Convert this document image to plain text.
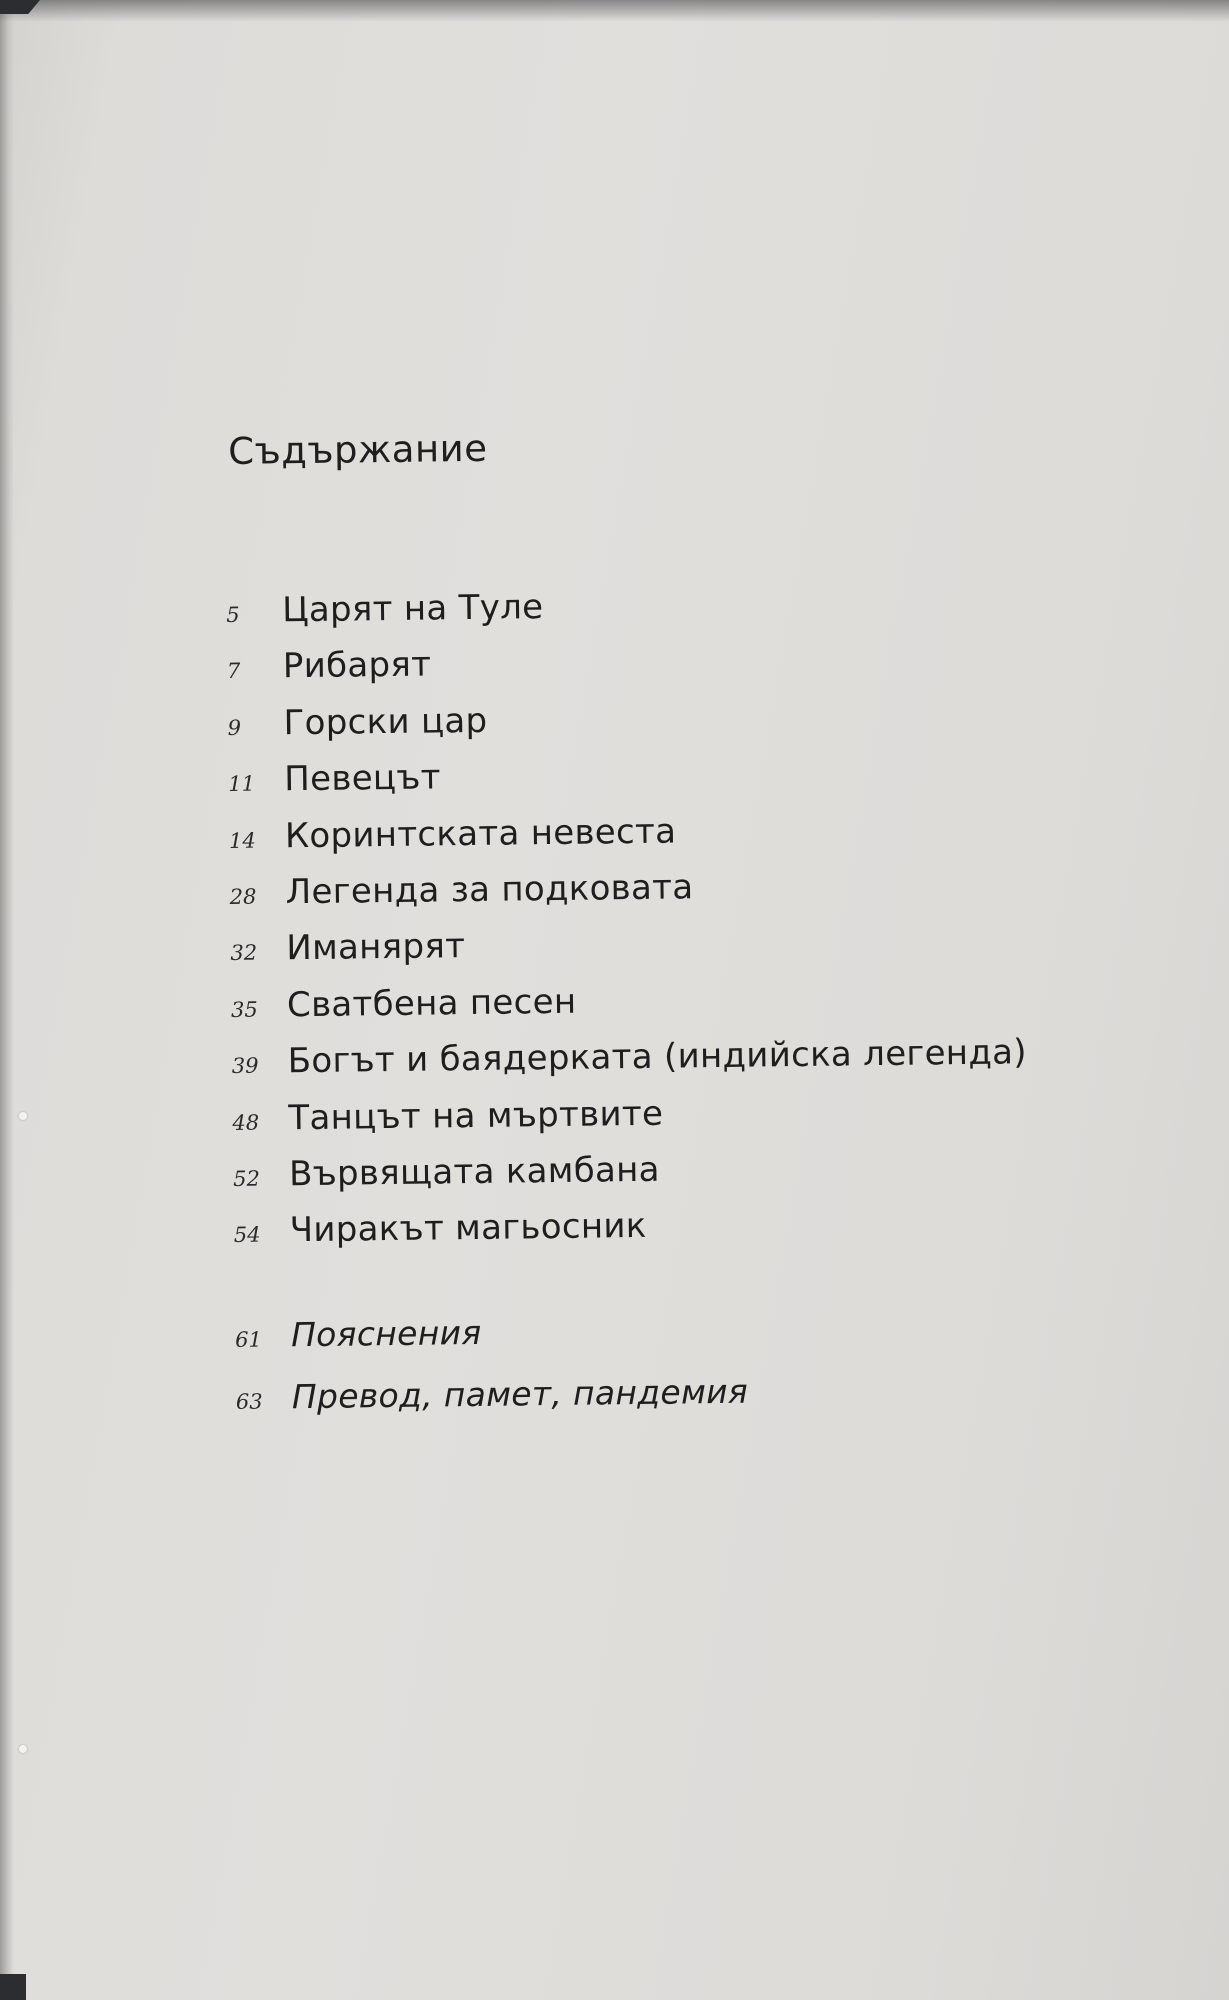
Съдържание
5	Царят на Туле
7	Рибарят
9	Горски цар
11 Певецът
14 Коринтската невеста
28 Легенда за подковата
32 Иманярят
35 Сватбена песен
39 Богът и баядерката (индийска легенда)
48 Танцът на мъртвите
52 Вървящата камбана
54 Чиракът магьосник
61 Пояснения
63 Превод, памет, пандемия
